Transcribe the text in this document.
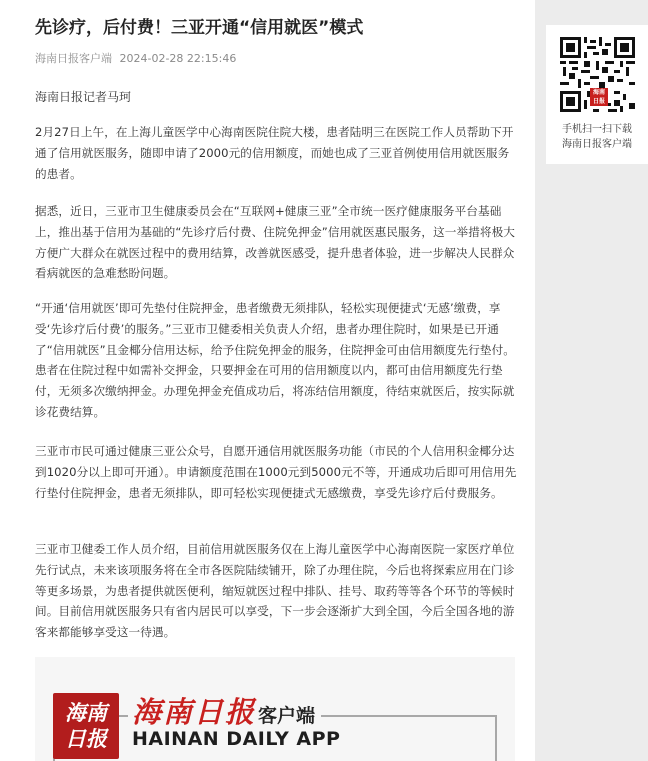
先诊疗，后付费！三亚开通“信用就医”模式
海南日报客户端 2024-02-28 22:15:46
海南日报记者马珂

2月27日上午，在上海儿童医学中心海南医院住院大楼，患者陆明三在医院工作人员帮助下开通了信用就医服务，随即申请了2000元的信用额度，而她也成了三亚首例使用信用就医服务的患者。

据悉，近日，三亚市卫生健康委员会在“互联网+健康三亚”全市统一医疗健康服务平台基础上，推出基于信用为基础的“先诊疗后付费、住院免押金”信用就医惠民服务，这一举措将极大方便广大群众在就医过程中的费用结算，改善就医感受，提升患者体验，进一步解决人民群众看病就医的急难愁盼问题。

“开通‘信用就医’即可先垫付住院押金，患者缴费无须排队，轻松实现便捷式‘无感’缴费，享受‘先诊疗后付费’的服务。”三亚市卫健委相关负责人介绍，患者办理住院时，如果是已开通了“信用就医”且金椰分信用达标，给予住院免押金的服务，住院押金可由信用额度先行垫付。患者在住院过程中如需补交押金，只要押金在可用的信用额度以内，都可由信用额度先行垫付，无须多次缴纳押金。办理免押金充值成功后，将冻结信用额度，待结束就医后，按实际就诊花费结算。

三亚市市民可通过健康三亚公众号，自愿开通信用就医服务功能（市民的个人信用积金椰分达到1020分以上即可开通）。申请额度范围在1000元到5000元不等，开通成功后即可用信用先行垫付住院押金，患者无须排队，即可轻松实现便捷式无感缴费，享受先诊疗后付费服务。

三亚市卫健委工作人员介绍，目前信用就医服务仅在上海儿童医学中心海南医院一家医疗单位先行试点，未来该项服务将在全市各医院陆续铺开，除了办理住院，今后也将探索应用在门诊等更多场景，为患者提供就医便利，缩短就医过程中排队、挂号、取药等等各个环节的等候时间。目前信用就医服务只有省内居民可以享受，下一步会逐渐扩大到全国，今后全国各地的游客来都能够享受这一待遇。

海南
日报
海南日报 客户端
HAINAN DAILY APP
海南
日报
手机扫一扫下载
海南日报客户端
